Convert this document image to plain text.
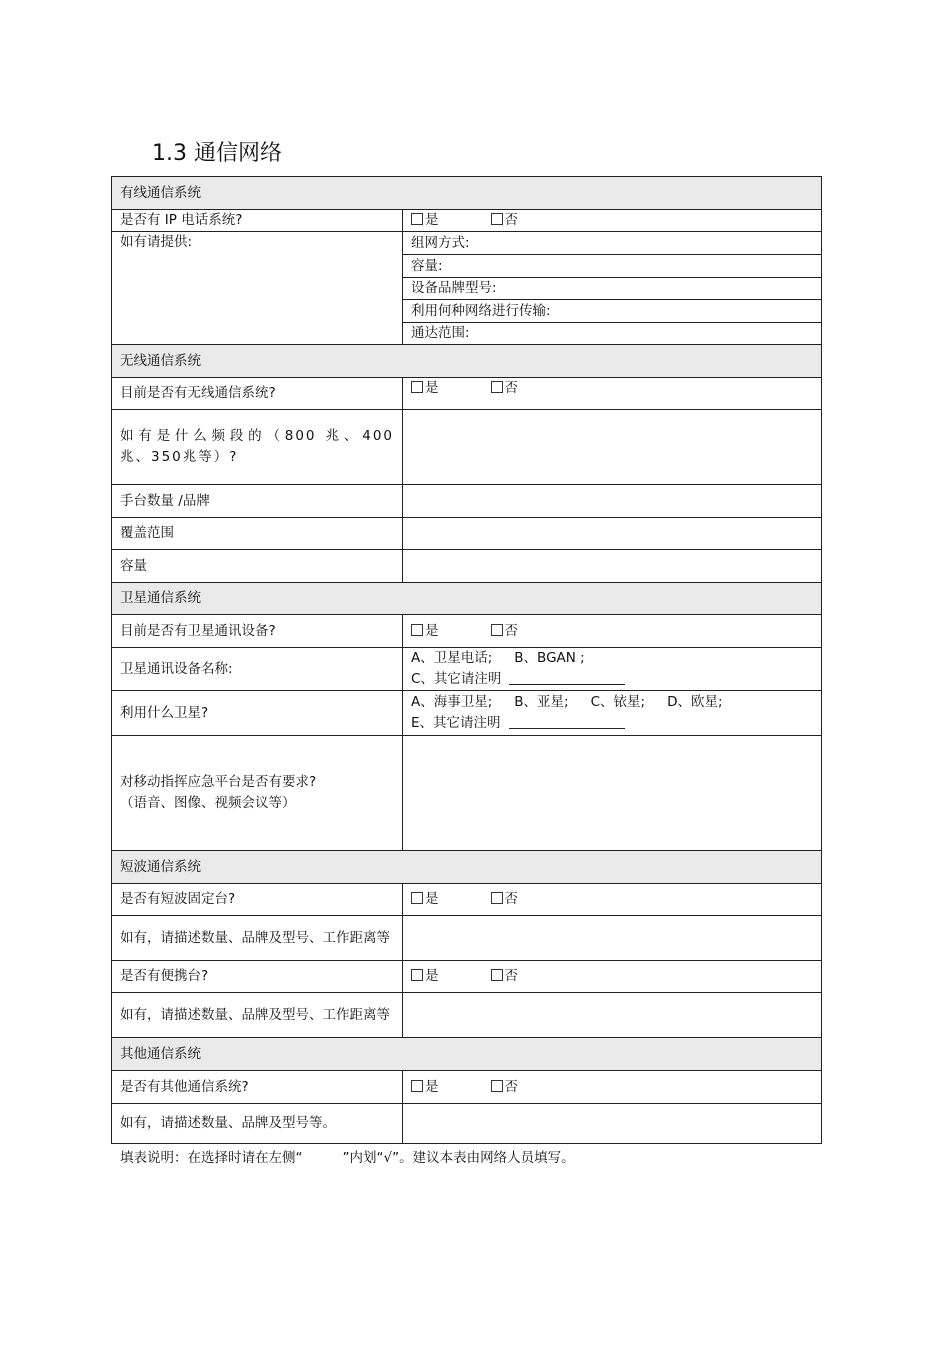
1.3 通信网络
有线通信系统	
是否有 IP 电话系统?	是 否
如有请提供:	组网方式:
	容量:
	设备品牌型号:
	利用何种网络进行传输:
	通达范围:
无线通信系统	
目前是否有无线通信系统?	是 否
如有是什么频段的（800 兆、400 兆、350兆等）?	
手台数量 /品牌	
覆盖范围	
容量	
卫星通信系统	
目前是否有卫星通讯设备?	是 否
卫星通讯设备名称:	A、卫星电话; B、BGAN ;
C、其它请注明

利用什么卫星?	A、海事卫星; B、亚星; C、铱星; D、欧星;
E、其它请注明

对移动指挥应急平台是否有要求?
（语音、图像、视频会议等）	

短波通信系统	
是否有短波固定台?	是 否
如有，请描述数量、品牌及型号、工作距离等	
是否有便携台?	是 否
如有，请描述数量、品牌及型号、工作距离等	
其他通信系统	
是否有其他通信系统?	是 否
如有，请描述数量、品牌及型号等。	
填表说明：在选择时请在左侧“	”内划“√”。建议本表由网络人员填写。
